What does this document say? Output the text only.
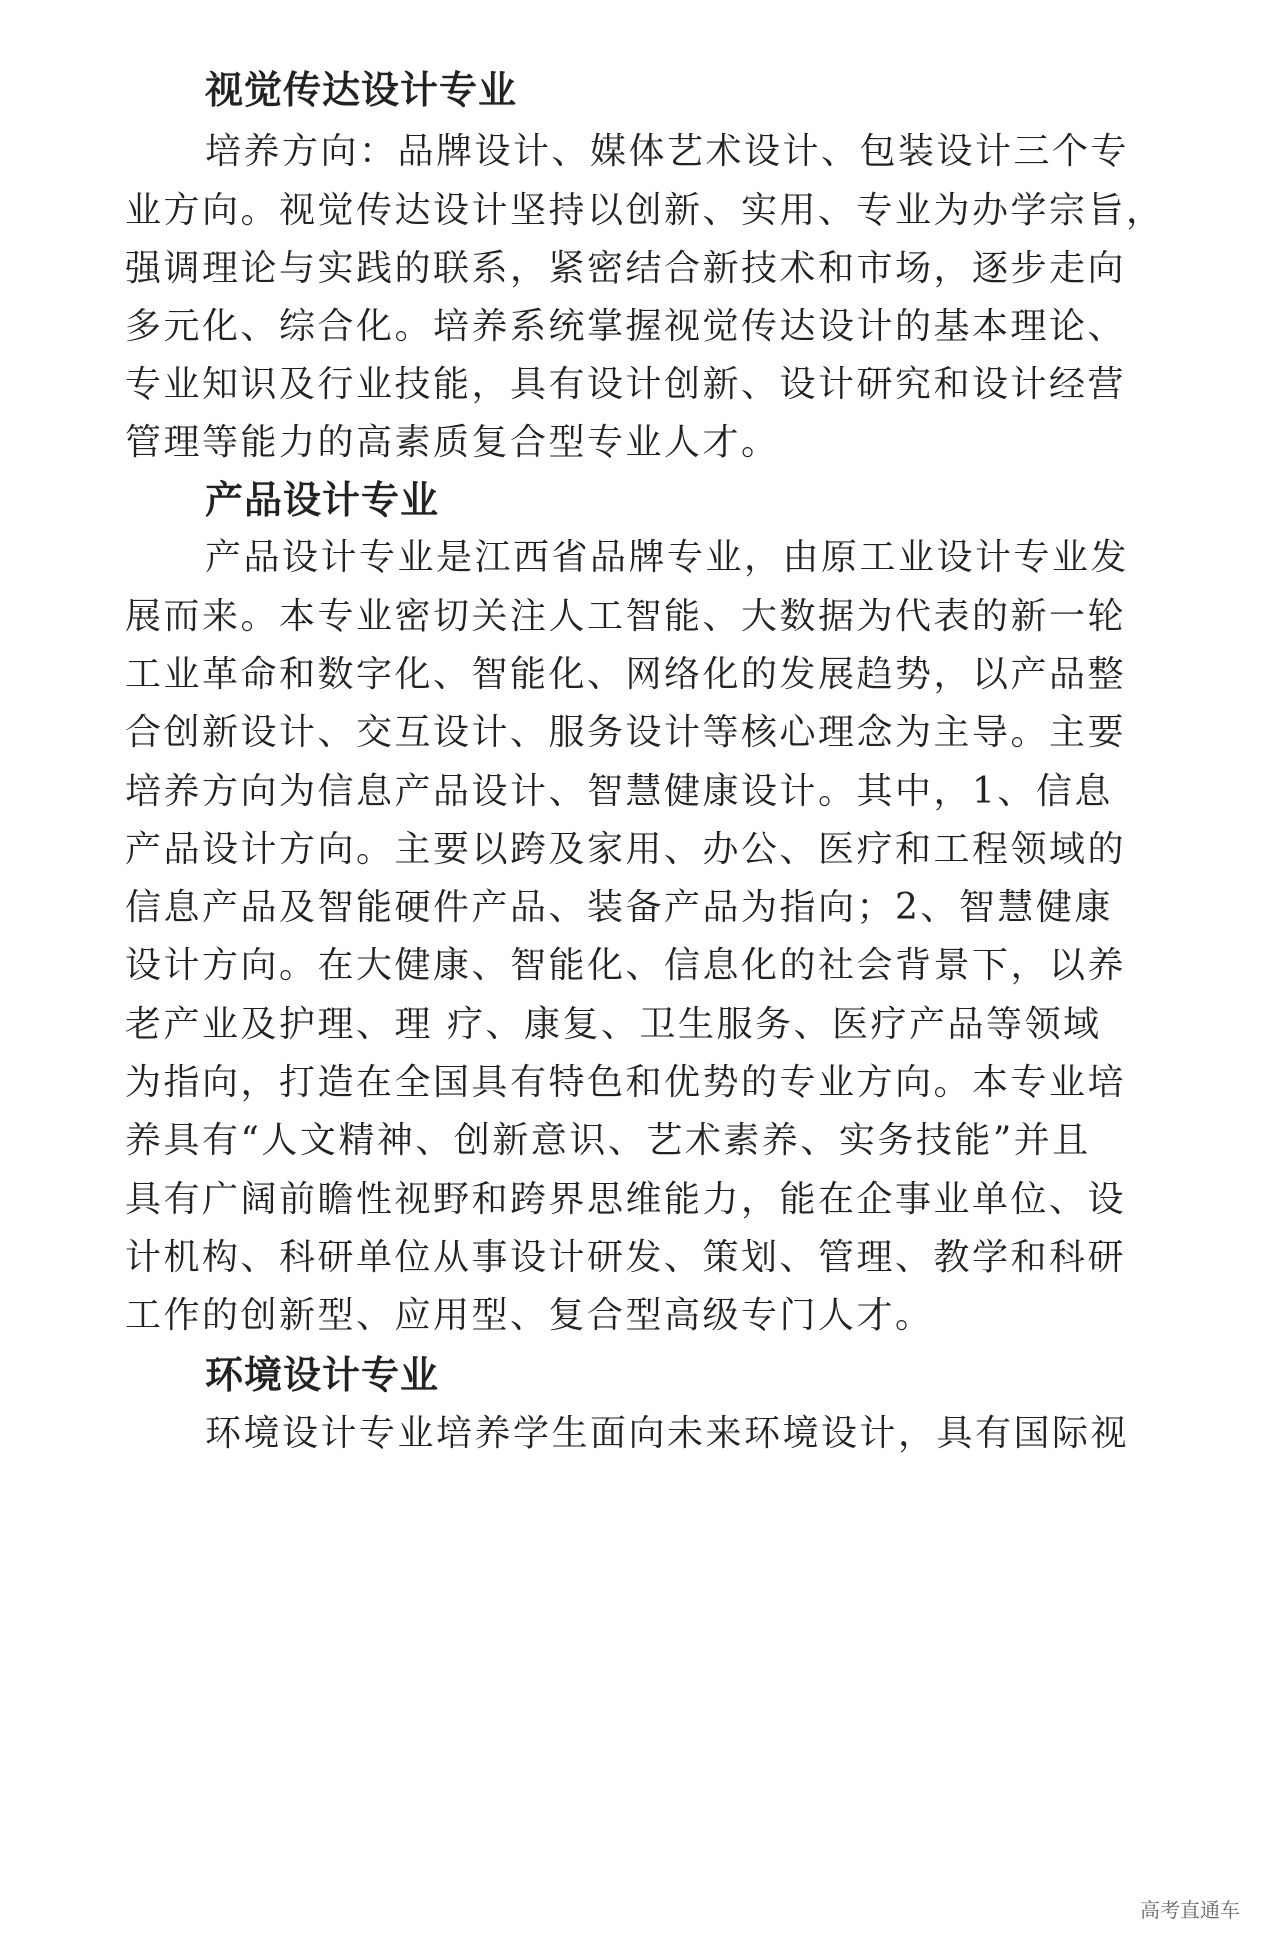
视觉传达设计专业
培养方向：品牌设计、媒体艺术设计、包装设计三个专
业方向。视觉传达设计坚持以创新、实用、专业为办学宗旨，
强调理论与实践的联系，紧密结合新技术和市场，逐步走向
多元化、综合化。培养系统掌握视觉传达设计的基本理论、
专业知识及行业技能，具有设计创新、设计研究和设计经营
管理等能力的高素质复合型专业人才。
产品设计专业
产品设计专业是江西省品牌专业，由原工业设计专业发
展而来。本专业密切关注人工智能、大数据为代表的新一轮
工业革命和数字化、智能化、网络化的发展趋势，以产品整
合创新设计、交互设计、服务设计等核心理念为主导。主要
培养方向为信息产品设计、智慧健康设计。其中，1、信息
产品设计方向。主要以跨及家用、办公、医疗和工程领域的
信息产品及智能硬件产品、装备产品为指向；2、智慧健康
设计方向。在大健康、智能化、信息化的社会背景下，以养
老产业及护理、理 疗、康复、卫生服务、医疗产品等领域
为指向，打造在全国具有特色和优势的专业方向。本专业培
养具有“人文精神、创新意识、艺术素养、实务技能”并且
具有广阔前瞻性视野和跨界思维能力，能在企事业单位、设
计机构、科研单位从事设计研发、策划、管理、教学和科研
工作的创新型、应用型、复合型高级专门人才。
环境设计专业
环境设计专业培养学生面向未来环境设计，具有国际视
高考直通车
